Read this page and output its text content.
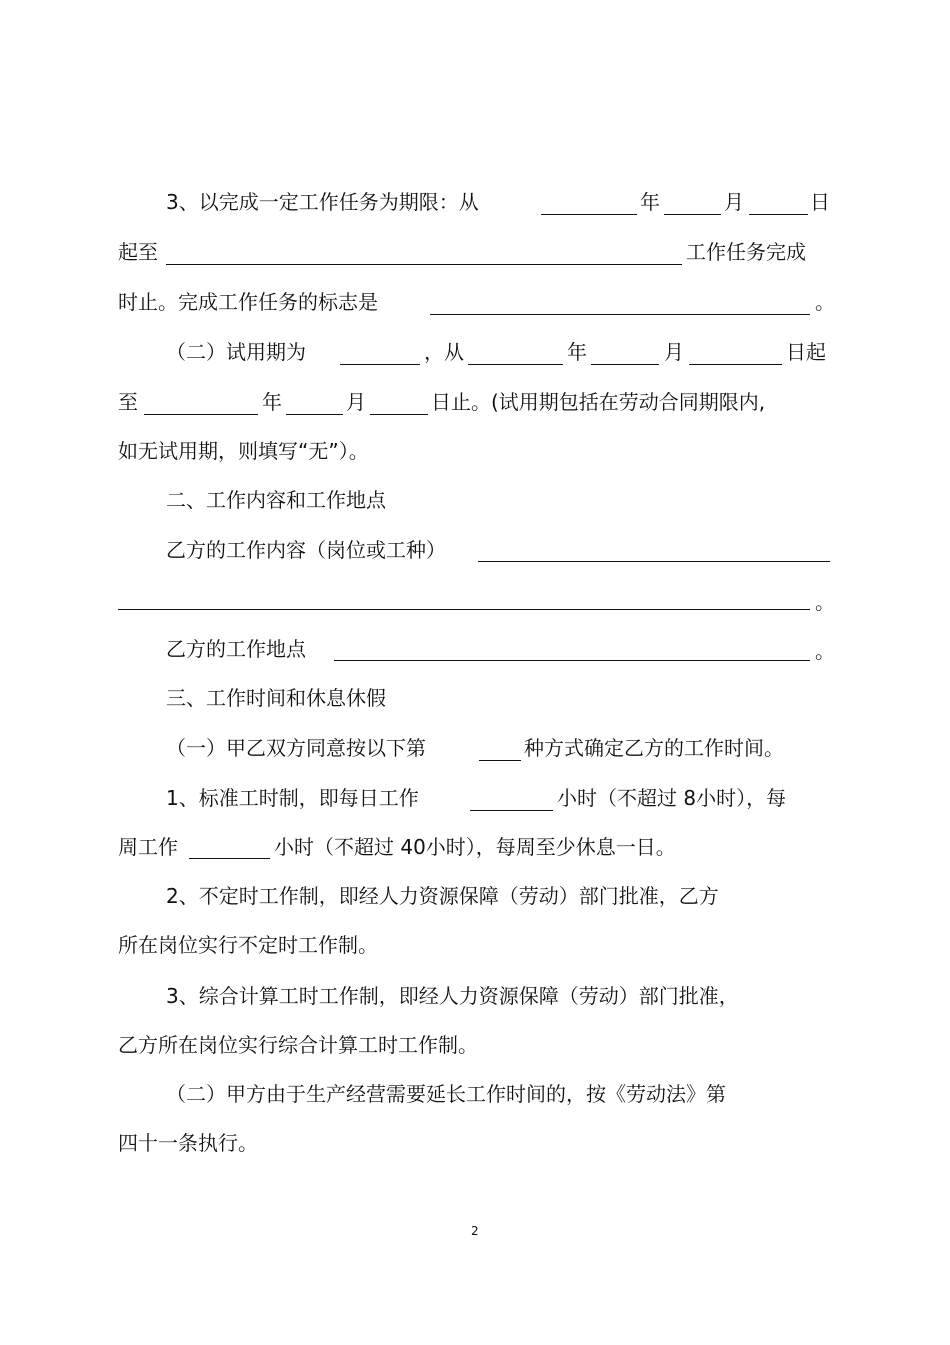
3、以完成一定工作任务为期限：从	年	月	日
起至	工作任务完成
时止。完成工作任务的标志是	。
（二）试用期为	，从	年	月	日起
至	年	月	日止。(试用期包括在劳动合同期限内,
如无试用期，则填写“无”）。
二、工作内容和工作地点
乙方的工作内容（岗位或工种）
。
乙方的工作地点	。
三、工作时间和休息休假
（一）甲乙双方同意按以下第	种方式确定乙方的工作时间。
1、标准工时制，即每日工作	小时（不超过 8小时），每
周工作	小时（不超过 40小时），每周至少休息一日。
2、不定时工作制，即经人力资源保障（劳动）部门批准，乙方
所在岗位实行不定时工作制。
3、综合计算工时工作制，即经人力资源保障（劳动）部门批准，
乙方所在岗位实行综合计算工时工作制。
（二）甲方由于生产经营需要延长工作时间的，按《劳动法》第
四十一条执行。
2
